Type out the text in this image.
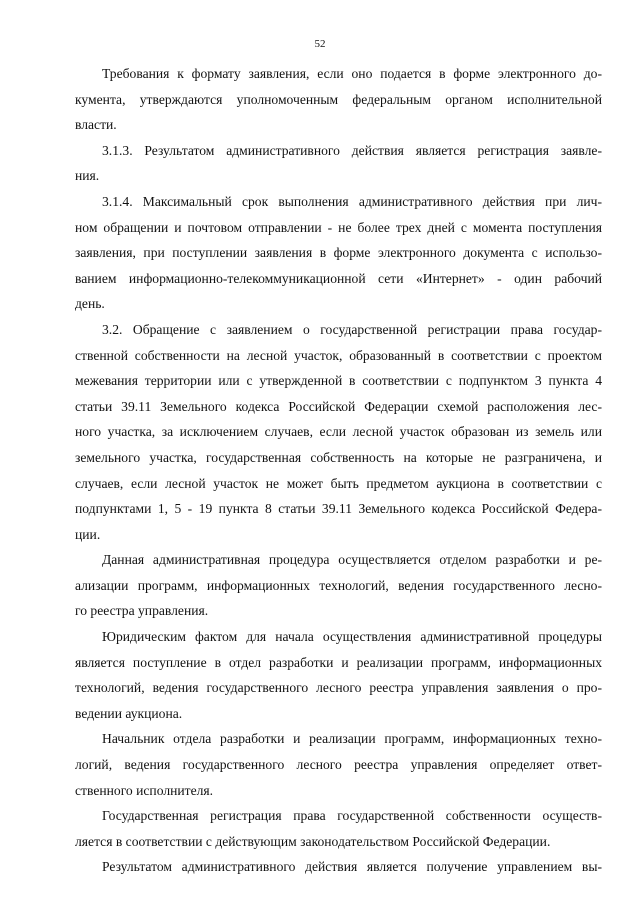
52
Требования к формату заявления, если оно подается в форме электронного до-
кумента, утверждаются уполномоченным федеральным органом исполнительной
власти.
3.1.3. Результатом административного действия является регистрация заявле-
ния.
3.1.4. Максимальный срок выполнения административного действия при лич-
ном обращении и почтовом отправлении - не более трех дней с момента поступления
заявления, при поступлении заявления в форме электронного документа с использо-
ванием информационно-телекоммуникационной сети «Интернет» - один рабочий
день.
3.2. Обращение с заявлением о государственной регистрации права государ-
ственной собственности на лесной участок, образованный в соответствии с проектом
межевания территории или с утвержденной в соответствии с подпунктом 3 пункта 4
статьи 39.11 Земельного кодекса Российской Федерации схемой расположения лес-
ного участка, за исключением случаев, если лесной участок образован из земель или
земельного участка, государственная собственность на которые не разграничена, и
случаев, если лесной участок не может быть предметом аукциона в соответствии с
подпунктами 1, 5 - 19 пункта 8 статьи 39.11 Земельного кодекса Российской Федера-
ции.
Данная административная процедура осуществляется отделом разработки и ре-
ализации программ, информационных технологий, ведения государственного лесно-
го реестра управления.
Юридическим фактом для начала осуществления административной процедуры
является поступление в отдел разработки и реализации программ, информационных
технологий, ведения государственного лесного реестра управления заявления о про-
ведении аукциона.
Начальник отдела разработки и реализации программ, информационных техно-
логий, ведения государственного лесного реестра управления определяет ответ-
ственного исполнителя.
Государственная регистрация права государственной собственности осуществ-
ляется в соответствии с действующим законодательством Российской Федерации.
Результатом административного действия является получение управлением вы-
